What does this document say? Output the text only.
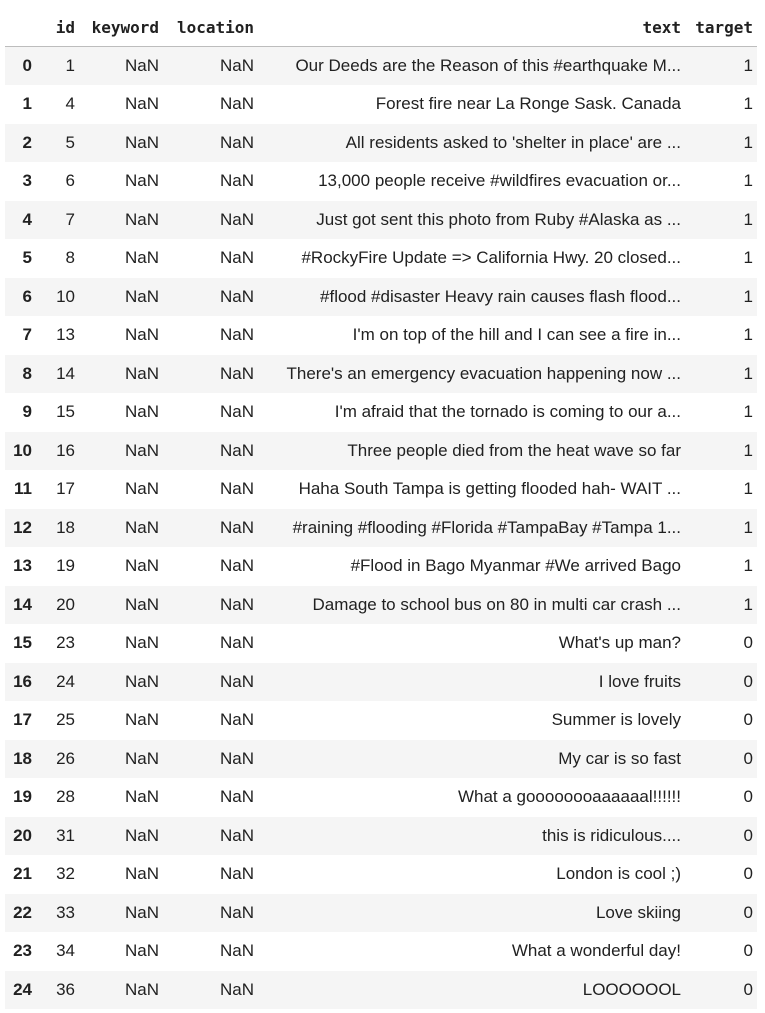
	id	keyword	location	text	target
0	1	NaN	NaN	Our Deeds are the Reason of this #earthquake M...	1
1	4	NaN	NaN	Forest fire near La Ronge Sask. Canada	1
2	5	NaN	NaN	All residents asked to 'shelter in place' are ...	1
3	6	NaN	NaN	13,000 people receive #wildfires evacuation or...	1
4	7	NaN	NaN	Just got sent this photo from Ruby #Alaska as ...	1
5	8	NaN	NaN	#RockyFire Update => California Hwy. 20 closed...	1
6	10	NaN	NaN	#flood #disaster Heavy rain causes flash flood...	1
7	13	NaN	NaN	I'm on top of the hill and I can see a fire in...	1
8	14	NaN	NaN	There's an emergency evacuation happening now ...	1
9	15	NaN	NaN	I'm afraid that the tornado is coming to our a...	1
10	16	NaN	NaN	Three people died from the heat wave so far	1
11	17	NaN	NaN	Haha South Tampa is getting flooded hah- WAIT ...	1
12	18	NaN	NaN	#raining #flooding #Florida #TampaBay #Tampa 1...	1
13	19	NaN	NaN	#Flood in Bago Myanmar #We arrived Bago	1
14	20	NaN	NaN	Damage to school bus on 80 in multi car crash ...	1
15	23	NaN	NaN	What's up man?	0
16	24	NaN	NaN	I love fruits	0
17	25	NaN	NaN	Summer is lovely	0
18	26	NaN	NaN	My car is so fast	0
19	28	NaN	NaN	What a goooooooaaaaaal!!!!!!	0
20	31	NaN	NaN	this is ridiculous....	0
21	32	NaN	NaN	London is cool ;)	0
22	33	NaN	NaN	Love skiing	0
23	34	NaN	NaN	What a wonderful day!	0
24	36	NaN	NaN	LOOOOOOL	0
